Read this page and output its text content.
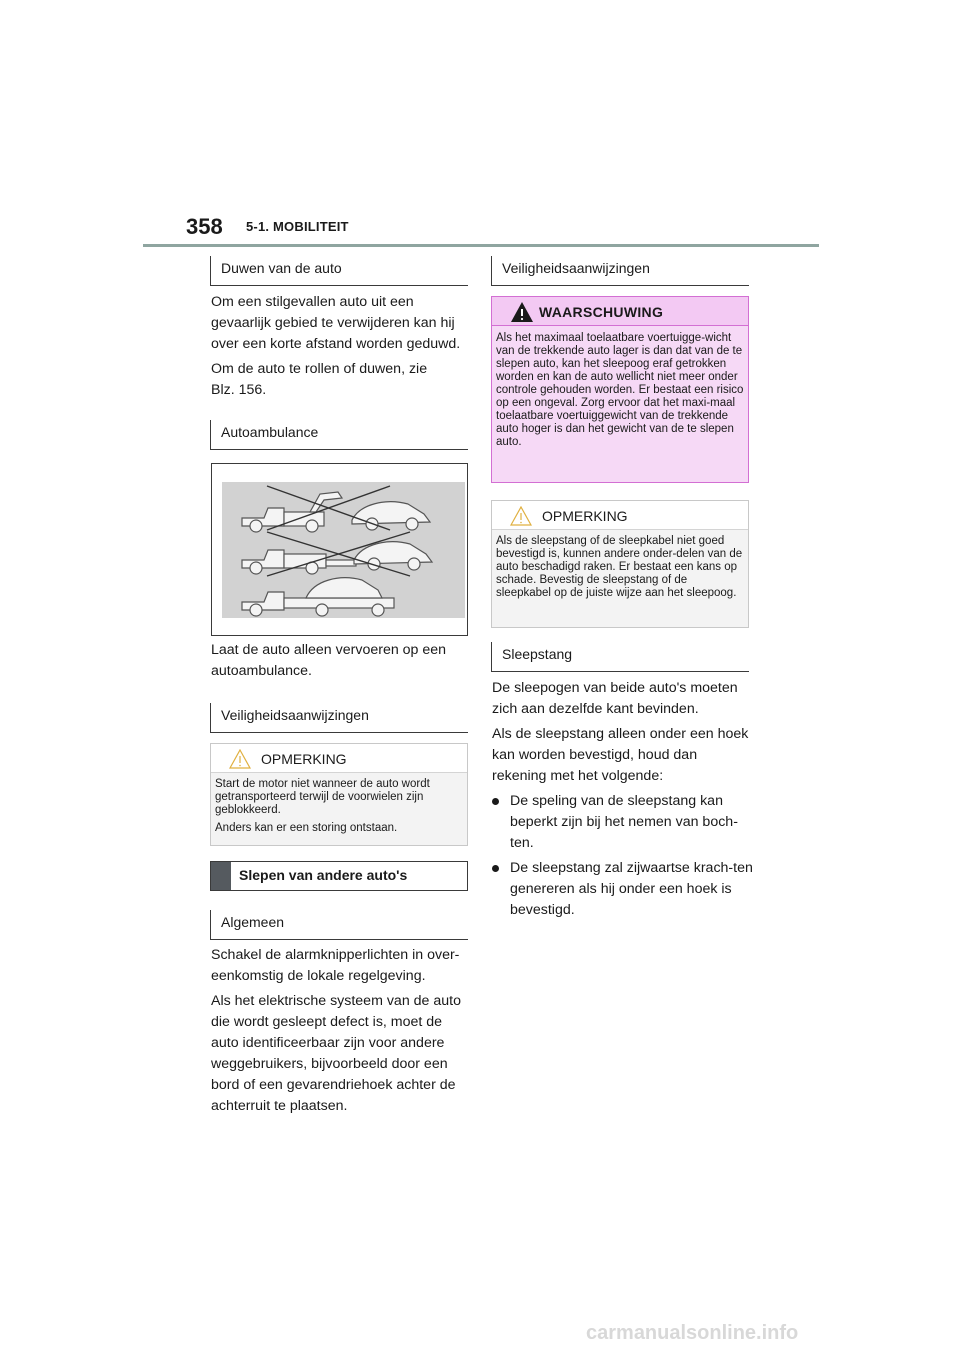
358 5-1. MOBILITEIT
Duwen van de auto

Om een stilgevallen auto uit een gevaarlijk gebied te verwijderen kan hij over een korte afstand worden geduwd.

Om de auto te rollen of duwen, zie Blz. 156.

Autoambulance

Laat de auto alleen vervoeren op een autoambulance.

Veiligheidsaanwijzingen
OPMERKING

Start de motor niet wanneer de auto wordt getransporteerd terwijl de voorwielen zijn geblokkeerd.

Anders kan er een storing ontstaan.

Slepen van andere auto's
Algemeen

Schakel de alarmknipperlichten in over-eenkomstig de lokale regelgeving.

Als het elektrische systeem van de auto die wordt gesleept defect is, moet de auto identificeerbaar zijn voor andere weggebruikers, bijvoorbeeld door een bord of een gevarendriehoek achter de achterruit te plaatsen.

Veiligheidsaanwijzingen
WAARSCHUWING
Als het maximaal toelaatbare voertuigge-wicht van de trekkende auto lager is dan dat van de te slepen auto, kan het sleepoog eraf getrokken worden en kan de auto wellicht niet meer onder controle gehouden worden. Er bestaat een risico op een ongeval. Zorg ervoor dat het maxi-maal toelaatbare voertuiggewicht van de trekkende auto hoger is dan het gewicht van de te slepen auto.
OPMERKING
Als de sleepstang of de sleepkabel niet goed bevestigd is, kunnen andere onder-delen van de auto beschadigd raken. Er bestaat een kans op schade. Bevestig de sleepstang of de sleepkabel op de juiste wijze aan het sleepoog.
Sleepstang

De sleepogen van beide auto's moeten zich aan dezelfde kant bevinden.

Als de sleepstang alleen onder een hoek kan worden bevestigd, houd dan rekening met het volgende:

De speling van de sleepstang kan beperkt zijn bij het nemen van boch-ten.

De sleepstang zal zijwaartse krach-ten genereren als hij onder een hoek is bevestigd.

carmanualsonline.info
